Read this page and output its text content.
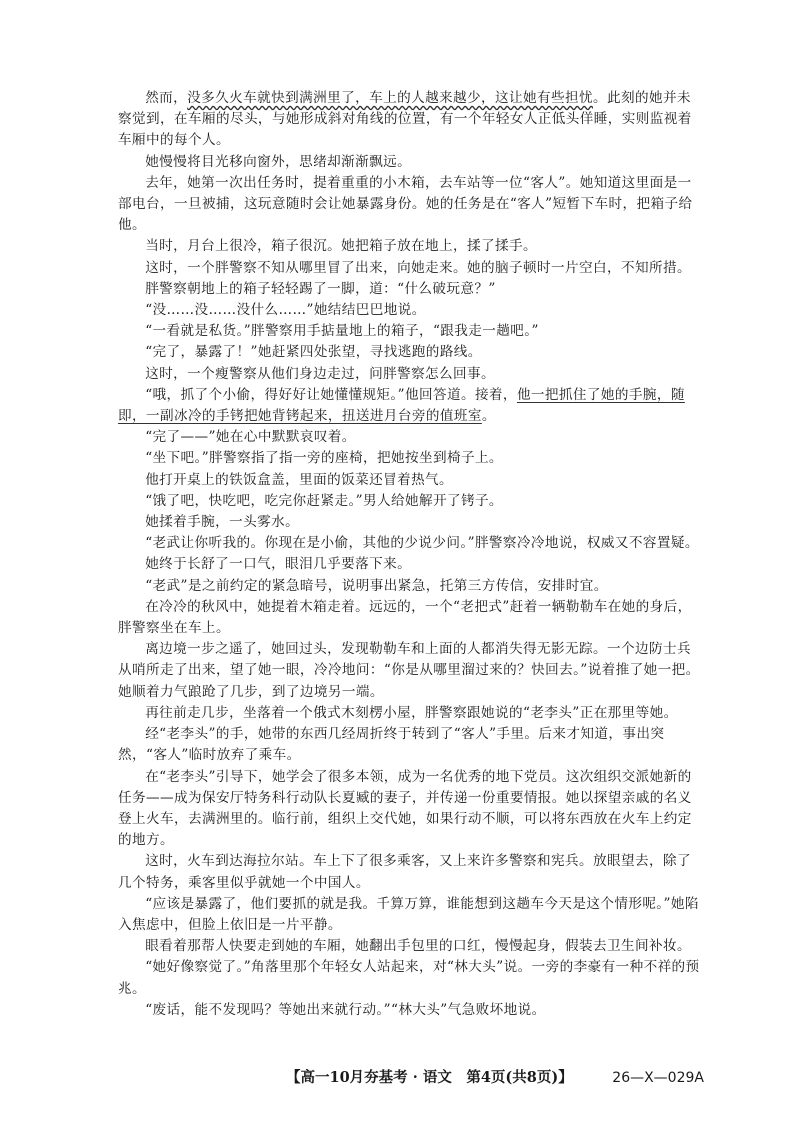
然而，没多久火车就快到满洲里了，车上的人越来越少，这让她有些担忧。此刻的她并未察觉到，在车厢的尽头，与她形成斜对角线的位置，有一个年轻女人正低头佯睡，实则监视着车厢中的每个人。

她慢慢将目光移向窗外，思绪却渐渐飘远。

去年，她第一次出任务时，提着重重的小木箱，去车站等一位“客人”。她知道这里面是一部电台，一旦被捕，这玩意随时会让她暴露身份。她的任务是在“客人”短暂下车时，把箱子给他。

当时，月台上很冷，箱子很沉。她把箱子放在地上，揉了揉手。

这时，一个胖警察不知从哪里冒了出来，向她走来。她的脑子顿时一片空白，不知所措。

胖警察朝地上的箱子轻轻踢了一脚，道：“什么破玩意？”

“没……没……没什么……”她结结巴巴地说。

“一看就是私货。”胖警察用手掂量地上的箱子，“跟我走一趟吧。”

“完了，暴露了！”她赶紧四处张望，寻找逃跑的路线。

这时，一个瘦警察从他们身边走过，问胖警察怎么回事。

“哦，抓了个小偷，得好好让她懂懂规矩。”他回答道。接着，他一把抓住了她的手腕，随即，一副冰冷的手铐把她背铐起来，扭送进月台旁的值班室。

“完了——”她在心中默默哀叹着。

“坐下吧。”胖警察指了指一旁的座椅，把她按坐到椅子上。

他打开桌上的铁饭盒盖，里面的饭菜还冒着热气。

“饿了吧，快吃吧，吃完你赶紧走。”男人给她解开了铐子。

她揉着手腕，一头雾水。

“老武让你听我的。你现在是小偷，其他的少说少问。”胖警察冷冷地说，权威又不容置疑。

她终于长舒了一口气，眼泪几乎要落下来。

“老武”是之前约定的紧急暗号，说明事出紧急，托第三方传信，安排时宜。

在冷冷的秋风中，她提着木箱走着。远远的，一个“老把式”赶着一辆勒勒车在她的身后，胖警察坐在车上。

离边境一步之遥了，她回过头，发现勒勒车和上面的人都消失得无影无踪。一个边防士兵从哨所走了出来，望了她一眼，冷冷地问：“你是从哪里溜过来的？快回去。”说着推了她一把。她顺着力气踉跄了几步，到了边境另一端。

再往前走几步，坐落着一个俄式木刻楞小屋，胖警察跟她说的“老李头”正在那里等她。

经“老李头”的手，她带的东西几经周折终于转到了“客人”手里。后来才知道，事出突然，“客人”临时放弃了乘车。

在“老李头”引导下，她学会了很多本领，成为一名优秀的地下党员。这次组织交派她新的任务——成为保安厅特务科行动队长夏臧的妻子，并传递一份重要情报。她以探望亲戚的名义登上火车，去满洲里的。临行前，组织上交代她，如果行动不顺，可以将东西放在火车上约定的地方。

这时，火车到达海拉尔站。车上下了很多乘客，又上来许多警察和宪兵。放眼望去，除了几个特务，乘客里似乎就她一个中国人。

“应该是暴露了，他们要抓的就是我。千算万算，谁能想到这趟车今天是这个情形呢。”她陷入焦虑中，但脸上依旧是一片平静。

眼看着那帮人快要走到她的车厢，她翻出手包里的口红，慢慢起身，假装去卫生间补妆。

“她好像察觉了。”角落里那个年轻女人站起来，对“林大头”说。一旁的李豪有一种不祥的预兆。

“废话，能不发现吗？等她出来就行动。”“林大头”气急败坏地说。

【高一10月夯基考 · 语文　第4页(共8页)】	26—X—029A
